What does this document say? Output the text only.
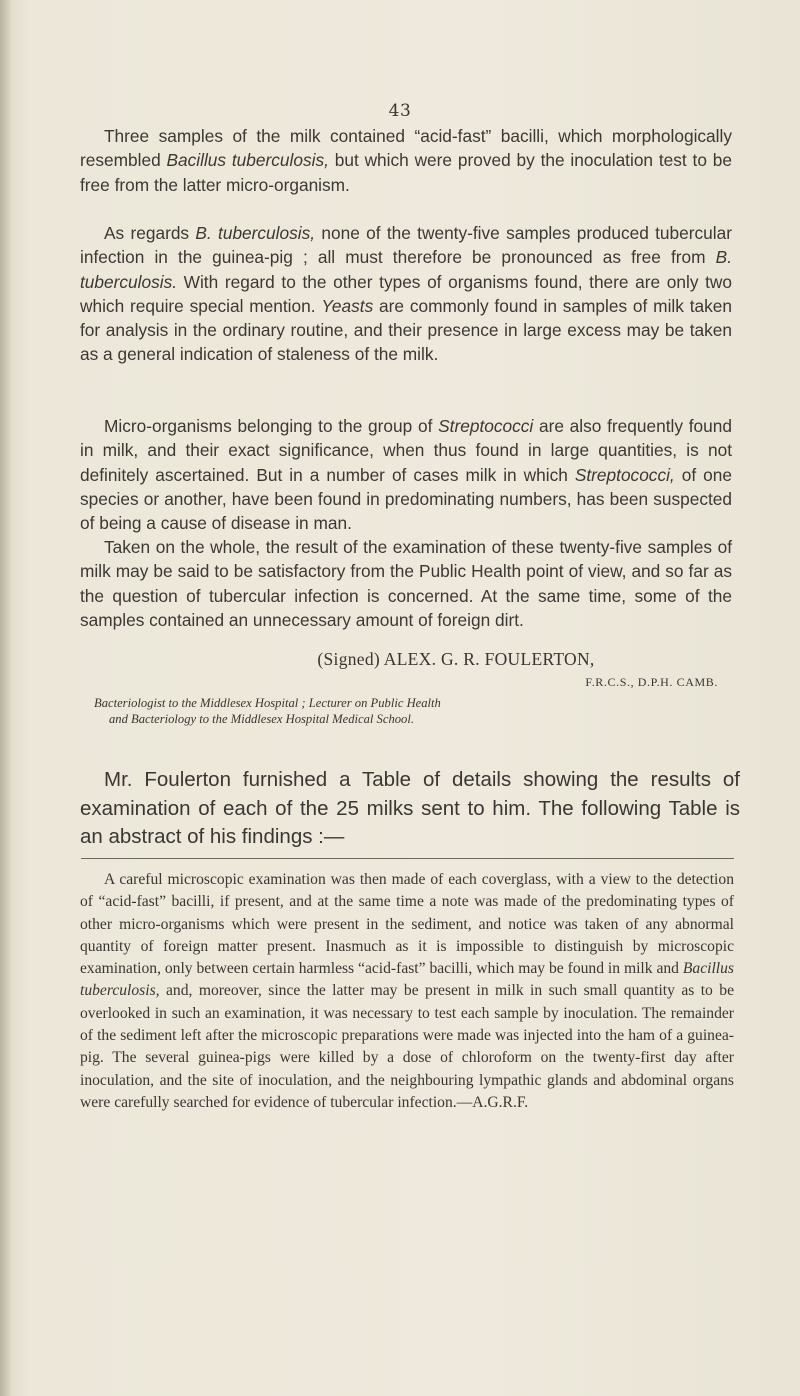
43

Three samples of the milk contained “acid-fast” bacilli, which morphologically resembled Bacillus tuberculosis, but which were proved by the inoculation test to be free from the latter micro-organism.

As regards B. tuberculosis, none of the twenty-five samples produced tubercular infection in the guinea-pig ; all must therefore be pronounced as free from B. tuberculosis. With regard to the other types of organisms found, there are only two which require special mention. Yeasts are commonly found in samples of milk taken for analysis in the ordinary routine, and their presence in large excess may be taken as a general indication of staleness of the milk.

Micro-organisms belonging to the group of Streptococci are also frequently found in milk, and their exact significance, when thus found in large quantities, is not definitely ascertained. But in a number of cases milk in which Streptococci, of one species or another, have been found in predominating numbers, has been suspected of being a cause of disease in man.

Taken on the whole, the result of the examination of these twenty-five samples of milk may be said to be satisfactory from the Public Health point of view, and so far as the question of tubercular infection is concerned. At the same time, some of the samples contained an unnecessary amount of foreign dirt.

(Signed) ALEX. G. R. FOULERTON,
F.R.C.S., D.P.H. CAMB.
Bacteriologist to the Middlesex Hospital ; Lecturer on Public Health
and Bacteriology to the Middlesex Hospital Medical School.

Mr. Foulerton furnished a Table of details showing the results of examination of each of the 25 milks sent to him. The following Table is an abstract of his findings :—

A careful microscopic examination was then made of each coverglass, with a view to the detection of “acid-fast” bacilli, if present, and at the same time a note was made of the predominating types of other micro-organisms which were present in the sediment, and notice was taken of any abnormal quantity of foreign matter present. Inasmuch as it is impossible to distinguish by microscopic examination, only between certain harmless “acid-fast” bacilli, which may be found in milk and Bacillus tuberculosis, and, moreover, since the latter may be present in milk in such small quantity as to be overlooked in such an examination, it was necessary to test each sample by inoculation. The remainder of the sediment left after the microscopic preparations were made was injected into the ham of a guinea-pig. The several guinea-pigs were killed by a dose of chloroform on the twenty-first day after inoculation, and the site of inoculation, and the neighbouring lympathic glands and abdominal organs were carefully searched for evidence of tubercular infection.—A.G.R.F.
